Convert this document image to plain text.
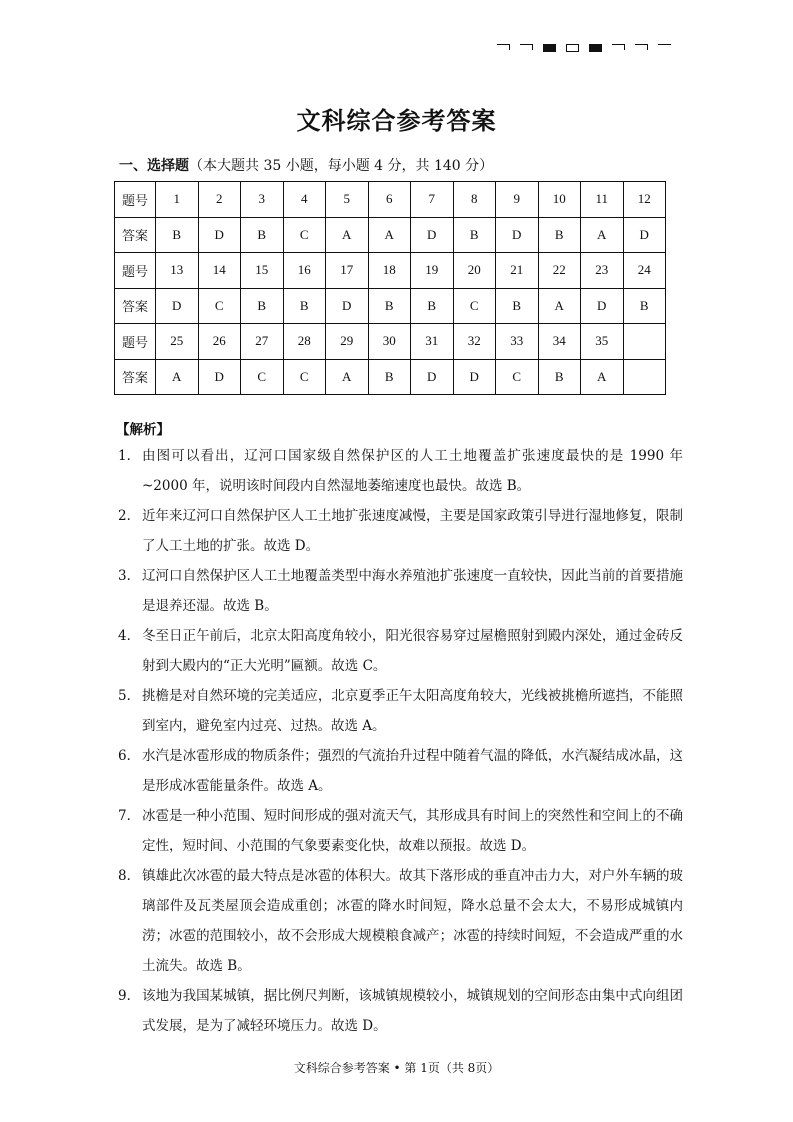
文科综合参考答案
一、选择题（本大题共 35 小题，每小题 4 分，共 140 分）
题号	1	2	3	4	5	6	7	8	9	10	11	12
答案	B	D	B	C	A	A	D	B	D	B	A	D
题号	13	14	15	16	17	18	19	20	21	22	23	24
答案	D	C	B	B	D	B	B	C	B	A	D	B
题号	25	26	27	28	29	30	31	32	33	34	35	
答案	A	D	C	C	A	B	D	D	C	B	A	
【解析】
1． 由图可以看出，辽河口国家级自然保护区的人工土地覆盖扩张速度最快的是 1990 年~2000 年，说明该时间段内自然湿地萎缩速度也最快。故选 B。
2． 近年来辽河口自然保护区人工土地扩张速度减慢，主要是国家政策引导进行湿地修复，限制了人工土地的扩张。故选 D。
3． 辽河口自然保护区人工土地覆盖类型中海水养殖池扩张速度一直较快，因此当前的首要措施是退养还湿。故选 B。
4． 冬至日正午前后，北京太阳高度角较小，阳光很容易穿过屋檐照射到殿内深处，通过金砖反射到大殿内的“正大光明”匾额。故选 C。
5． 挑檐是对自然环境的完美适应，北京夏季正午太阳高度角较大，光线被挑檐所遮挡，不能照到室内，避免室内过亮、过热。故选 A。
6． 水汽是冰雹形成的物质条件；强烈的气流抬升过程中随着气温的降低，水汽凝结成冰晶，这是形成冰雹能量条件。故选 A。
7． 冰雹是一种小范围、短时间形成的强对流天气，其形成具有时间上的突然性和空间上的不确定性，短时间、小范围的气象要素变化快，故难以预报。故选 D。
8． 镇雄此次冰雹的最大特点是冰雹的体积大。故其下落形成的垂直冲击力大，对户外车辆的玻璃部件及瓦类屋顶会造成重创；冰雹的降水时间短，降水总量不会太大，不易形成城镇内涝；冰雹的范围较小，故不会形成大规模粮食减产；冰雹的持续时间短，不会造成严重的水土流失。故选 B。
9． 该地为我国某城镇，据比例尺判断，该城镇规模较小，城镇规划的空间形态由集中式向组团式发展，是为了减轻环境压力。故选 D。
文科综合参考答案 • 第 1页（共 8页）
